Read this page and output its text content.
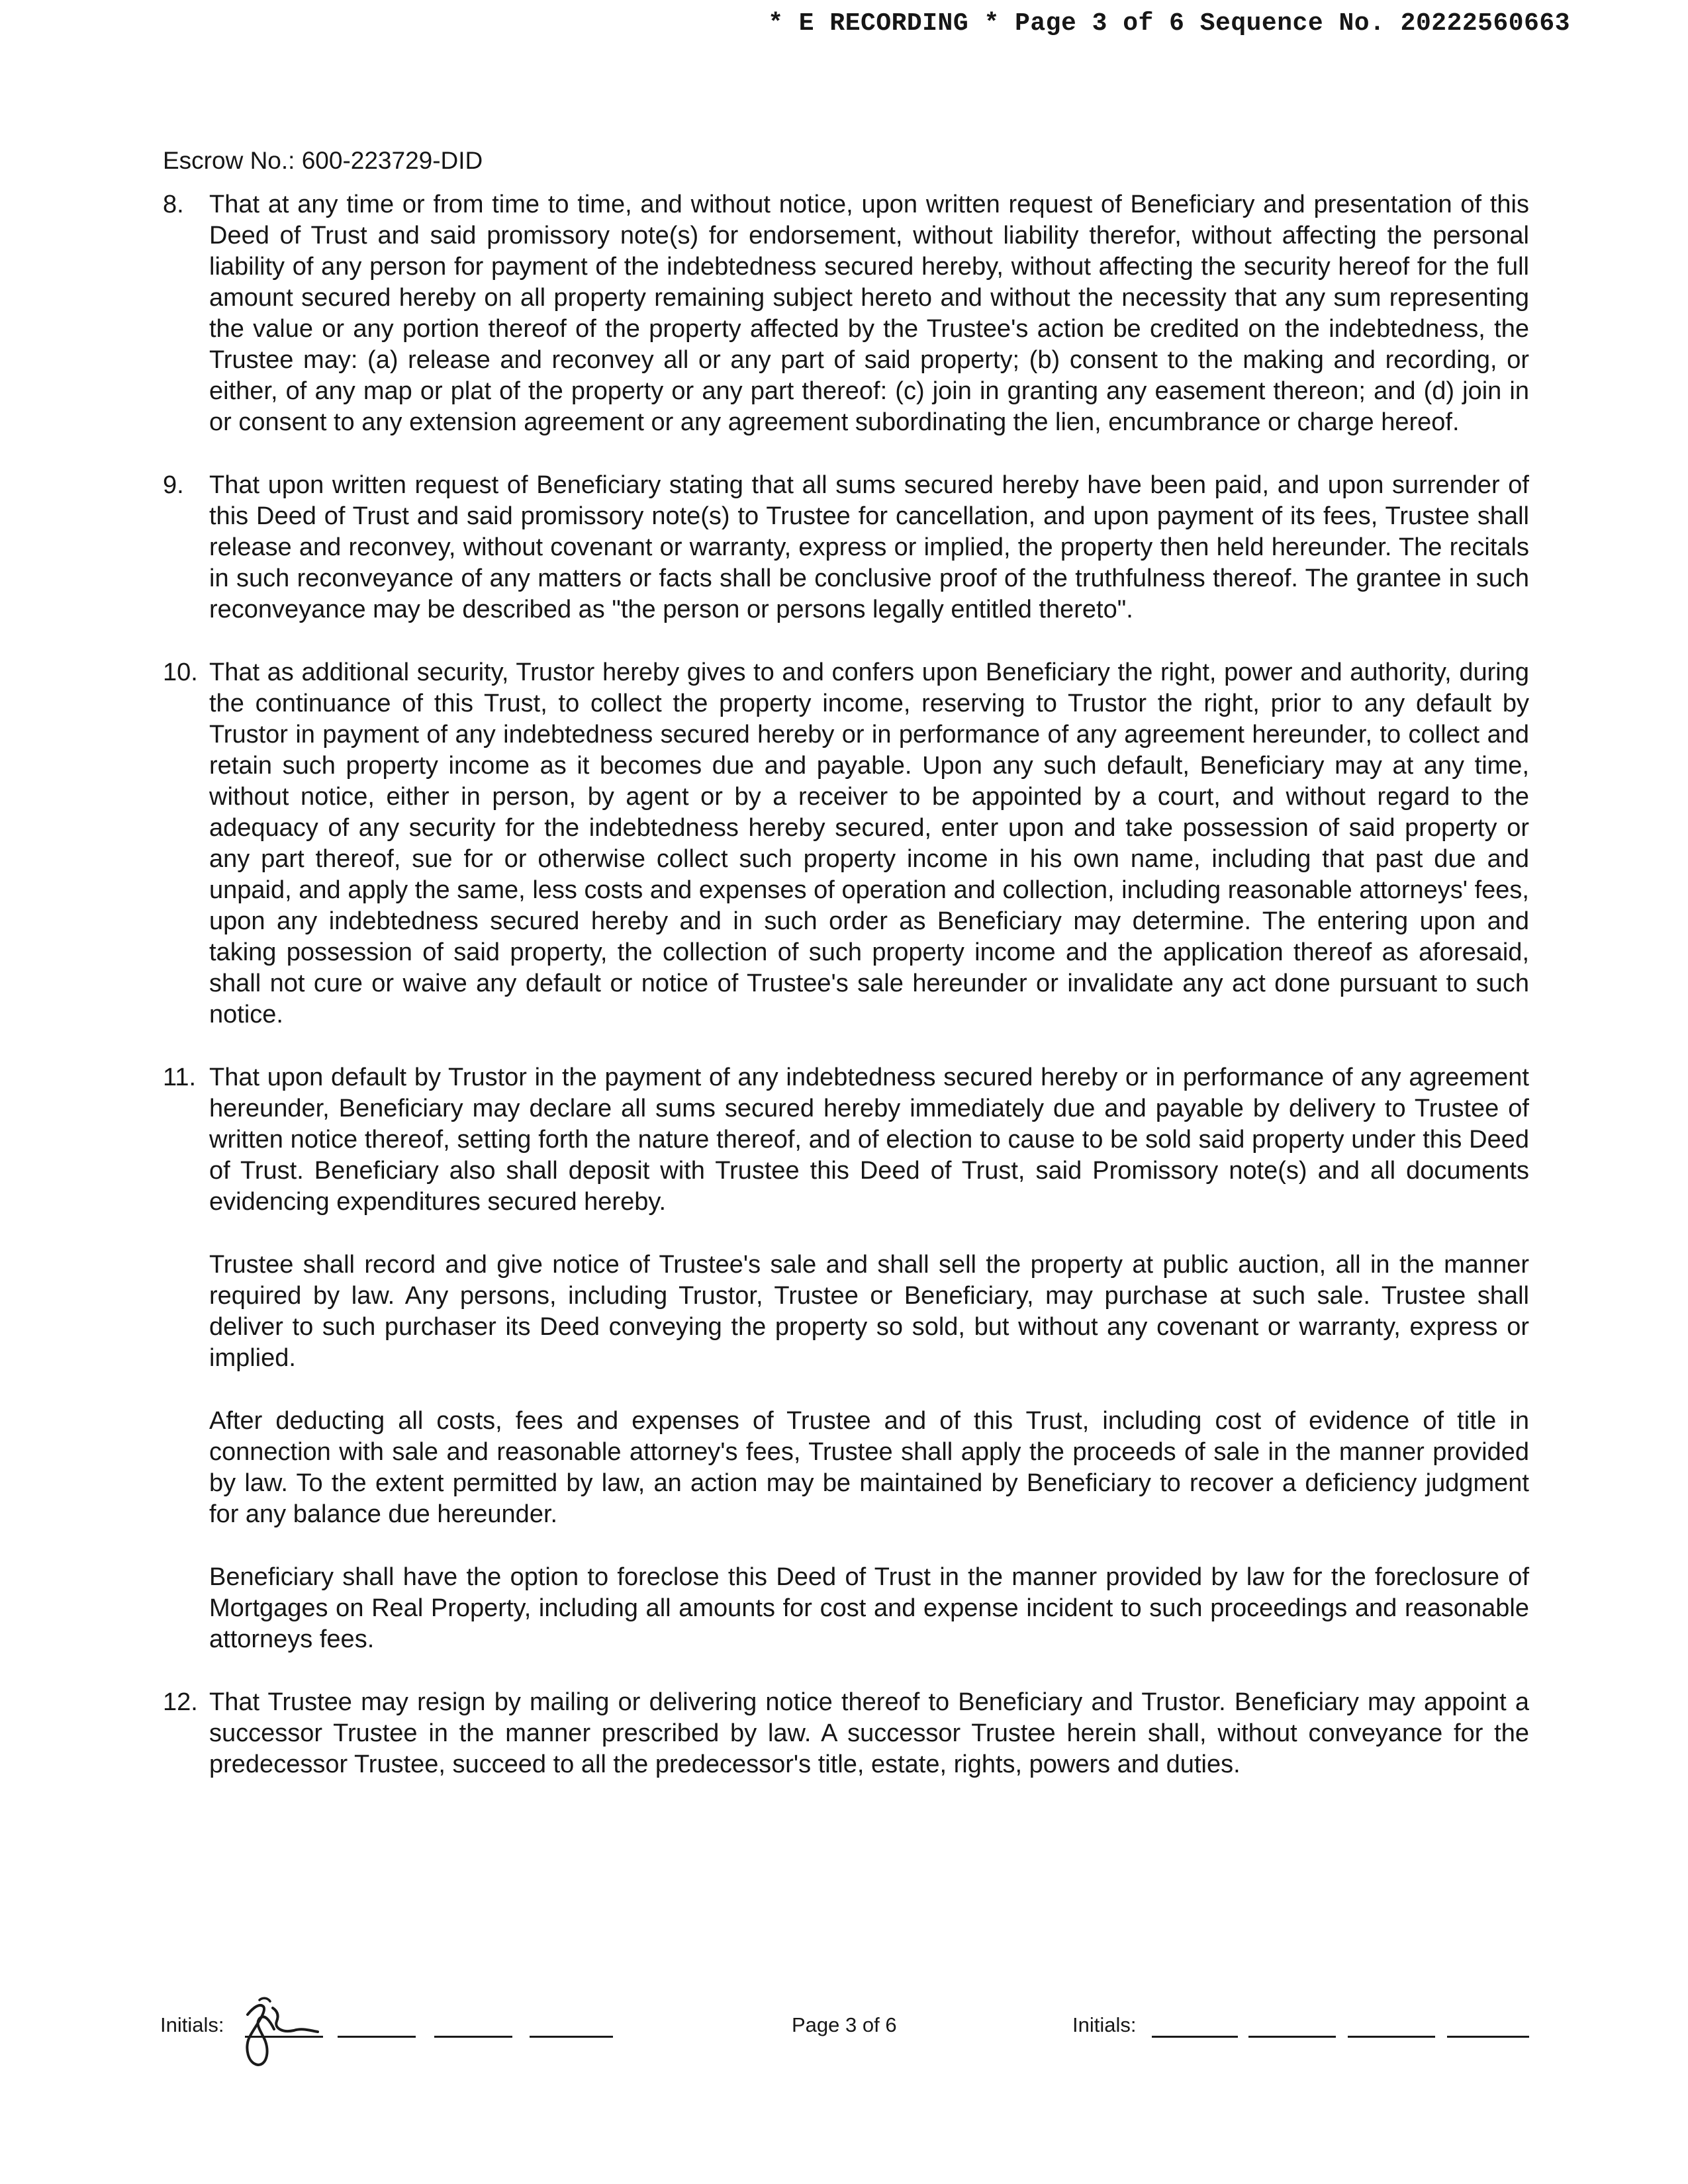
* E RECORDING * Page 3 of 6 Sequence No. 20222560663
Escrow No.: 600-223729-DID
8.	That at any time or from time to time, and without notice, upon written request of Beneficiary and presentation of this Deed of Trust and said promissory note(s) for endorsement, without liability therefor, without affecting the personal liability of any person for payment of the indebtedness secured hereby, without affecting the security hereof for the full amount secured hereby on all property remaining subject hereto and without the necessity that any sum representing the value or any portion thereof of the property affected by the Trustee's action be credited on the indebtedness, the Trustee may: (a) release and reconvey all or any part of said property; (b) consent to the making and recording, or either, of any map or plat of the property or any part thereof: (c) join in granting any easement thereon; and (d) join in or consent to any extension agreement or any agreement subordinating the lien, encumbrance or charge hereof.

9.	That upon written request of Beneficiary stating that all sums secured hereby have been paid, and upon surrender of this Deed of Trust and said promissory note(s) to Trustee for cancellation, and upon payment of its fees, Trustee shall release and reconvey, without covenant or warranty, express or implied, the property then held hereunder. The recitals in such reconveyance of any matters or facts shall be conclusive proof of the truthfulness thereof. The grantee in such reconveyance may be described as "the person or persons legally entitled thereto".

10. That as additional security, Trustor hereby gives to and confers upon Beneficiary the right, power and authority, during the continuance of this Trust, to collect the property income, reserving to Trustor the right, prior to any default by Trustor in payment of any indebtedness secured hereby or in performance of any agreement hereunder, to collect and retain such property income as it becomes due and payable. Upon any such default, Beneficiary may at any time, without notice, either in person, by agent or by a receiver to be appointed by a court, and without regard to the adequacy of any security for the indebtedness hereby secured, enter upon and take possession of said property or any part thereof, sue for or otherwise collect such property income in his own name, including that past due and unpaid, and apply the same, less costs and expenses of operation and collection, including reasonable attorneys' fees, upon any indebtedness secured hereby and in such order as Beneficiary may determine. The entering upon and taking possession of said property, the collection of such property income and the application thereof as aforesaid, shall not cure or waive any default or notice of Trustee's sale hereunder or invalidate any act done pursuant to such notice.

11. That upon default by Trustor in the payment of any indebtedness secured hereby or in performance of any agreement hereunder, Beneficiary may declare all sums secured hereby immediately due and payable by delivery to Trustee of written notice thereof, setting forth the nature thereof, and of election to cause to be sold said property under this Deed of Trust. Beneficiary also shall deposit with Trustee this Deed of Trust, said Promissory note(s) and all documents evidencing expenditures secured hereby.

Trustee shall record and give notice of Trustee's sale and shall sell the property at public auction, all in the manner required by law. Any persons, including Trustor, Trustee or Beneficiary, may purchase at such sale. Trustee shall deliver to such purchaser its Deed conveying the property so sold, but without any covenant or warranty, express or implied.

After deducting all costs, fees and expenses of Trustee and of this Trust, including cost of evidence of title in connection with sale and reasonable attorney's fees, Trustee shall apply the proceeds of sale in the manner provided by law. To the extent permitted by law, an action may be maintained by Beneficiary to recover a deficiency judgment for any balance due hereunder.

Beneficiary shall have the option to foreclose this Deed of Trust in the manner provided by law for the foreclosure of Mortgages on Real Property, including all amounts for cost and expense incident to such proceedings and reasonable attorneys fees.

12. That Trustee may resign by mailing or delivering notice thereof to Beneficiary and Trustor. Beneficiary may appoint a successor Trustee in the manner prescribed by law. A successor Trustee herein shall, without conveyance for the predecessor Trustee, succeed to all the predecessor's title, estate, rights, powers and duties.

Initials:	Page 3 of 6	Initials:
